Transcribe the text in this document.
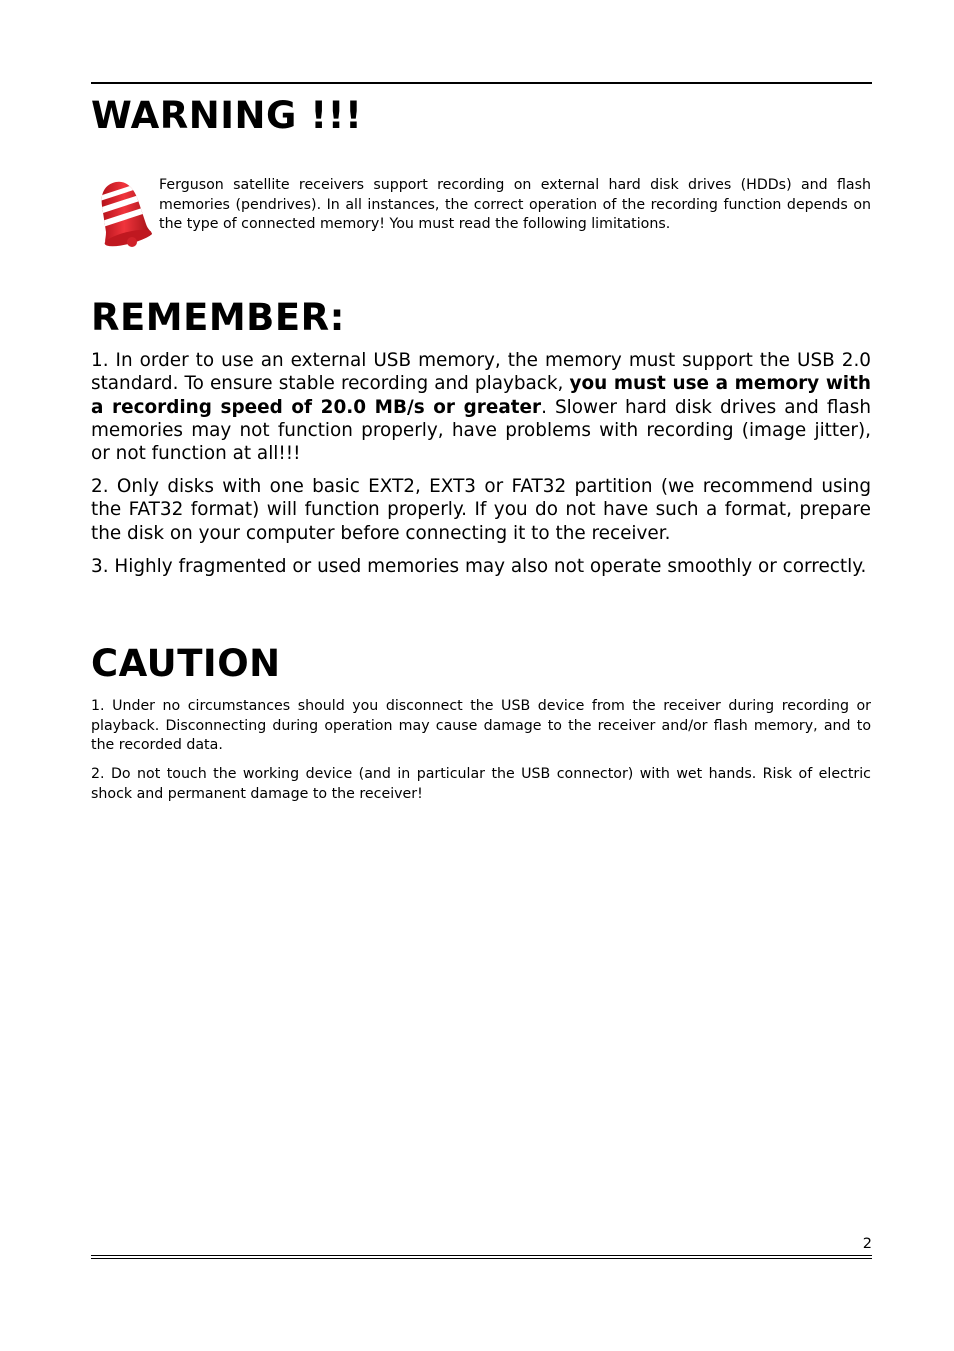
WARNING !!!

Ferguson satellite receivers support recording on external hard disk drives (HDDs) and flash memories (pendrives). In all instances, the correct operation of the recording function depends on the type of connected memory! You must read the following limitations.

REMEMBER:

1. In order to use an external USB memory, the memory must support the USB 2.0 standard. To ensure stable recording and playback, you must use a memory with a recording speed of 20.0 MB/s or greater. Slower hard disk drives and flash memories may not function properly, have problems with recording (image jitter), or not function at all!!!

2. Only disks with one basic EXT2, EXT3 or FAT32 partition (we recommend using the FAT32 format) will function properly. If you do not have such a format, prepare the disk on your computer before connecting it to the receiver.

3. Highly fragmented or used memories may also not operate smoothly or correctly.

CAUTION

1. Under no circumstances should you disconnect the USB device from the receiver during recording or playback. Disconnecting during operation may cause damage to the receiver and/or flash memory, and to the recorded data.

2. Do not touch the working device (and in particular the USB connector) with wet hands. Risk of electric shock and permanent damage to the receiver!

2
